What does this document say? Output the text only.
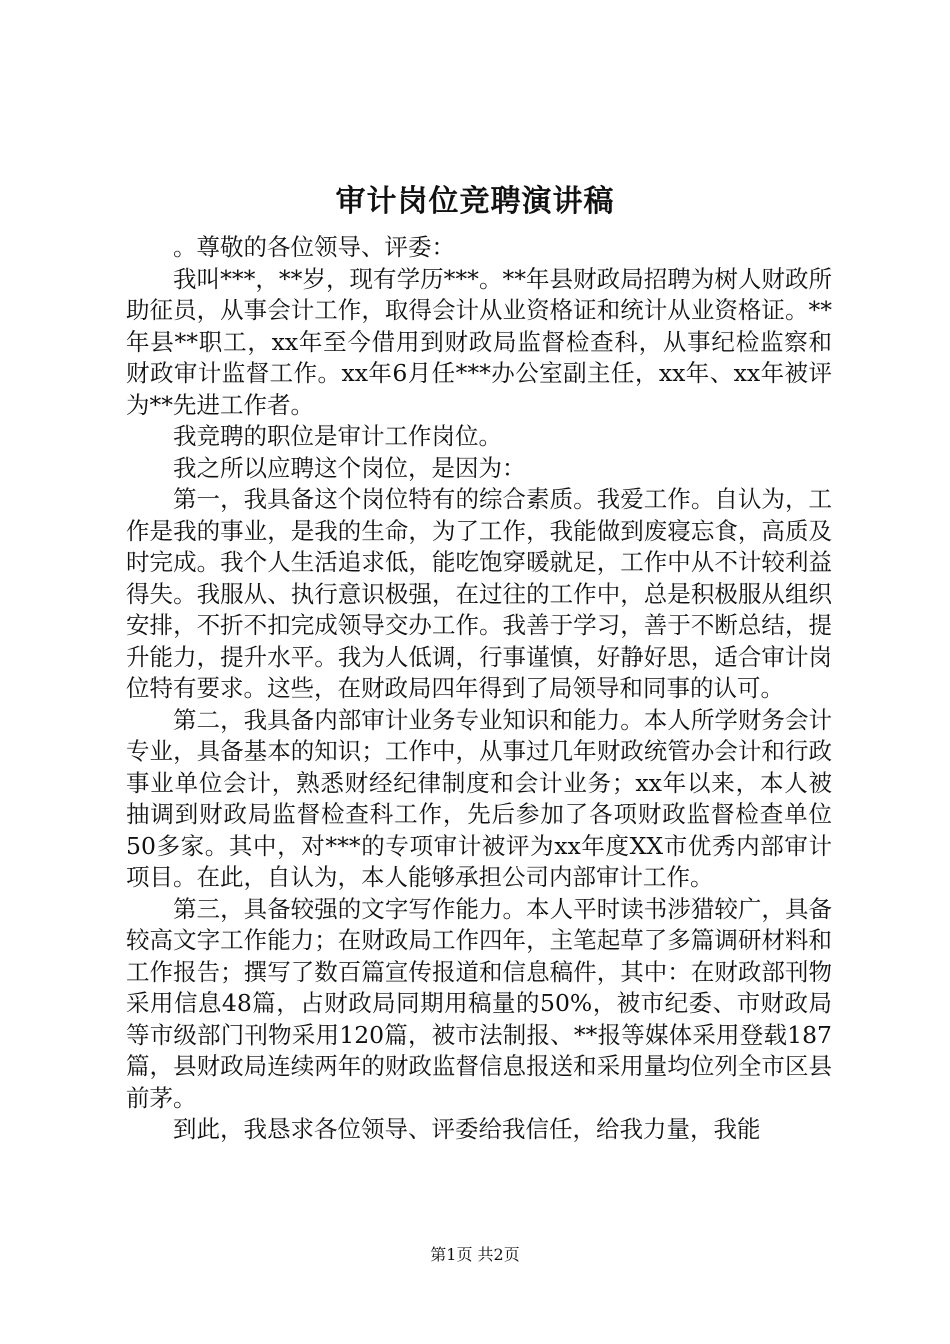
审计岗位竞聘演讲稿

。尊敬的各位领导、评委：

我叫***，**岁，现有学历***。**年县财政局招聘为树人财政所助征员，从事会计工作，取得会计从业资格证和统计从业资格证。**年县**职工，xx年至今借用到财政局监督检查科，从事纪检监察和财政审计监督工作。xx年6月任***办公室副主任，xx年、xx年被评为**先进工作者。

我竞聘的职位是审计工作岗位。

我之所以应聘这个岗位，是因为：

第一，我具备这个岗位特有的综合素质。我爱工作。自认为，工作是我的事业，是我的生命，为了工作，我能做到废寝忘食，高质及时完成。我个人生活追求低，能吃饱穿暖就足，工作中从不计较利益得失。我服从、执行意识极强，在过往的工作中，总是积极服从组织安排，不折不扣完成领导交办工作。我善于学习，善于不断总结，提升能力，提升水平。我为人低调，行事谨慎，好静好思，适合审计岗位特有要求。这些，在财政局四年得到了局领导和同事的认可。

第二，我具备内部审计业务专业知识和能力。本人所学财务会计专业，具备基本的知识；工作中，从事过几年财政统管办会计和行政事业单位会计，熟悉财经纪律制度和会计业务；xx年以来，本人被抽调到财政局监督检查科工作，先后参加了各项财政监督检查单位50多家。其中，对***的专项审计被评为xx年度XX市优秀内部审计项目。在此，自认为，本人能够承担公司内部审计工作。

第三，具备较强的文字写作能力。本人平时读书涉猎较广，具备较高文字工作能力；在财政局工作四年，主笔起草了多篇调研材料和工作报告；撰写了数百篇宣传报道和信息稿件，其中：在财政部刊物采用信息48篇，占财政局同期用稿量的50%，被市纪委、市财政局等市级部门刊物采用120篇，被市法制报、**报等媒体采用登载187篇，县财政局连续两年的财政监督信息报送和采用量均位列全市区县前茅。

到此，我恳求各位领导、评委给我信任，给我力量，我能

第1页 共2页
